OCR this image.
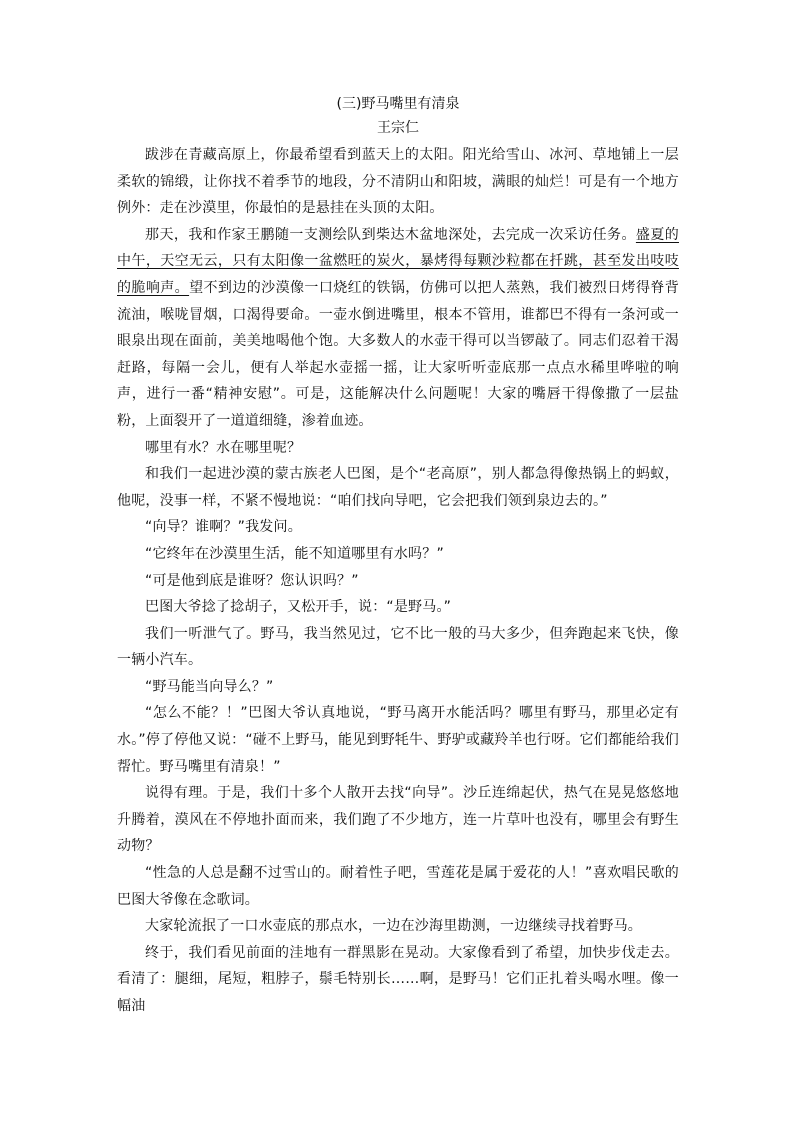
(三)野马嘴里有清泉

王宗仁

跋涉在青藏高原上，你最希望看到蓝天上的太阳。阳光给雪山、冰河、草地铺上一层柔软的锦缎，让你找不着季节的地段，分不清阴山和阳坡，满眼的灿烂！可是有一个地方例外：走在沙漠里，你最怕的是悬挂在头顶的太阳。

那天，我和作家王鹏随一支测绘队到柴达木盆地深处，去完成一次采访任务。盛夏的中午，天空无云，只有太阳像一盆燃旺的炭火，暴烤得每颗沙粒都在扦跳，甚至发出吱吱的脆响声。望不到边的沙漠像一口烧红的铁锅，仿佛可以把人蒸熟，我们被烈日烤得脊背流油，喉咙冒烟，口渴得要命。一壶水倒进嘴里，根本不管用，谁都巴不得有一条河或一眼泉出现在面前，美美地喝他个饱。大多数人的水壶干得可以当锣敲了。同志们忍着干渴赶路，每隔一会儿，便有人举起水壶摇一摇，让大家听听壶底那一点点水稀里哗啦的响声，进行一番“精神安慰”。可是，这能解决什么问题呢！大家的嘴唇干得像撒了一层盐粉，上面裂开了一道道细缝，渗着血迹。

哪里有水？水在哪里呢？

和我们一起进沙漠的蒙古族老人巴图，是个“老高原”，别人都急得像热锅上的蚂蚁，他呢，没事一样，不紧不慢地说：“咱们找向导吧，它会把我们领到泉边去的。”

“向导？谁啊？”我发问。

“它终年在沙漠里生活，能不知道哪里有水吗？”

“可是他到底是谁呀？您认识吗？”

巴图大爷捻了捻胡子，又松开手，说：“是野马。”

我们一听泄气了。野马，我当然见过，它不比一般的马大多少，但奔跑起来飞快，像一辆小汽车。

“野马能当向导么？”

“怎么不能？！”巴图大爷认真地说，“野马离开水能活吗？哪里有野马，那里必定有水。”停了停他又说：“碰不上野马，能见到野牦牛、野驴或藏羚羊也行呀。它们都能给我们帮忙。野马嘴里有清泉！”

说得有理。于是，我们十多个人散开去找“向导”。沙丘连绵起伏，热气在晃晃悠悠地升腾着，漠风在不停地扑面而来，我们跑了不少地方，连一片草叶也没有，哪里会有野生动物？

“性急的人总是翻不过雪山的。耐着性子吧，雪莲花是属于爱花的人！”喜欢唱民歌的巴图大爷像在念歌词。

大家轮流抿了一口水壶底的那点水，一边在沙海里勘测，一边继续寻找着野马。

终于，我们看见前面的洼地有一群黑影在晃动。大家像看到了希望，加快步伐走去。看清了：腿细，尾短，粗脖子，鬃毛特别长……啊，是野马！它们正扎着头喝水哩。像一幅油
